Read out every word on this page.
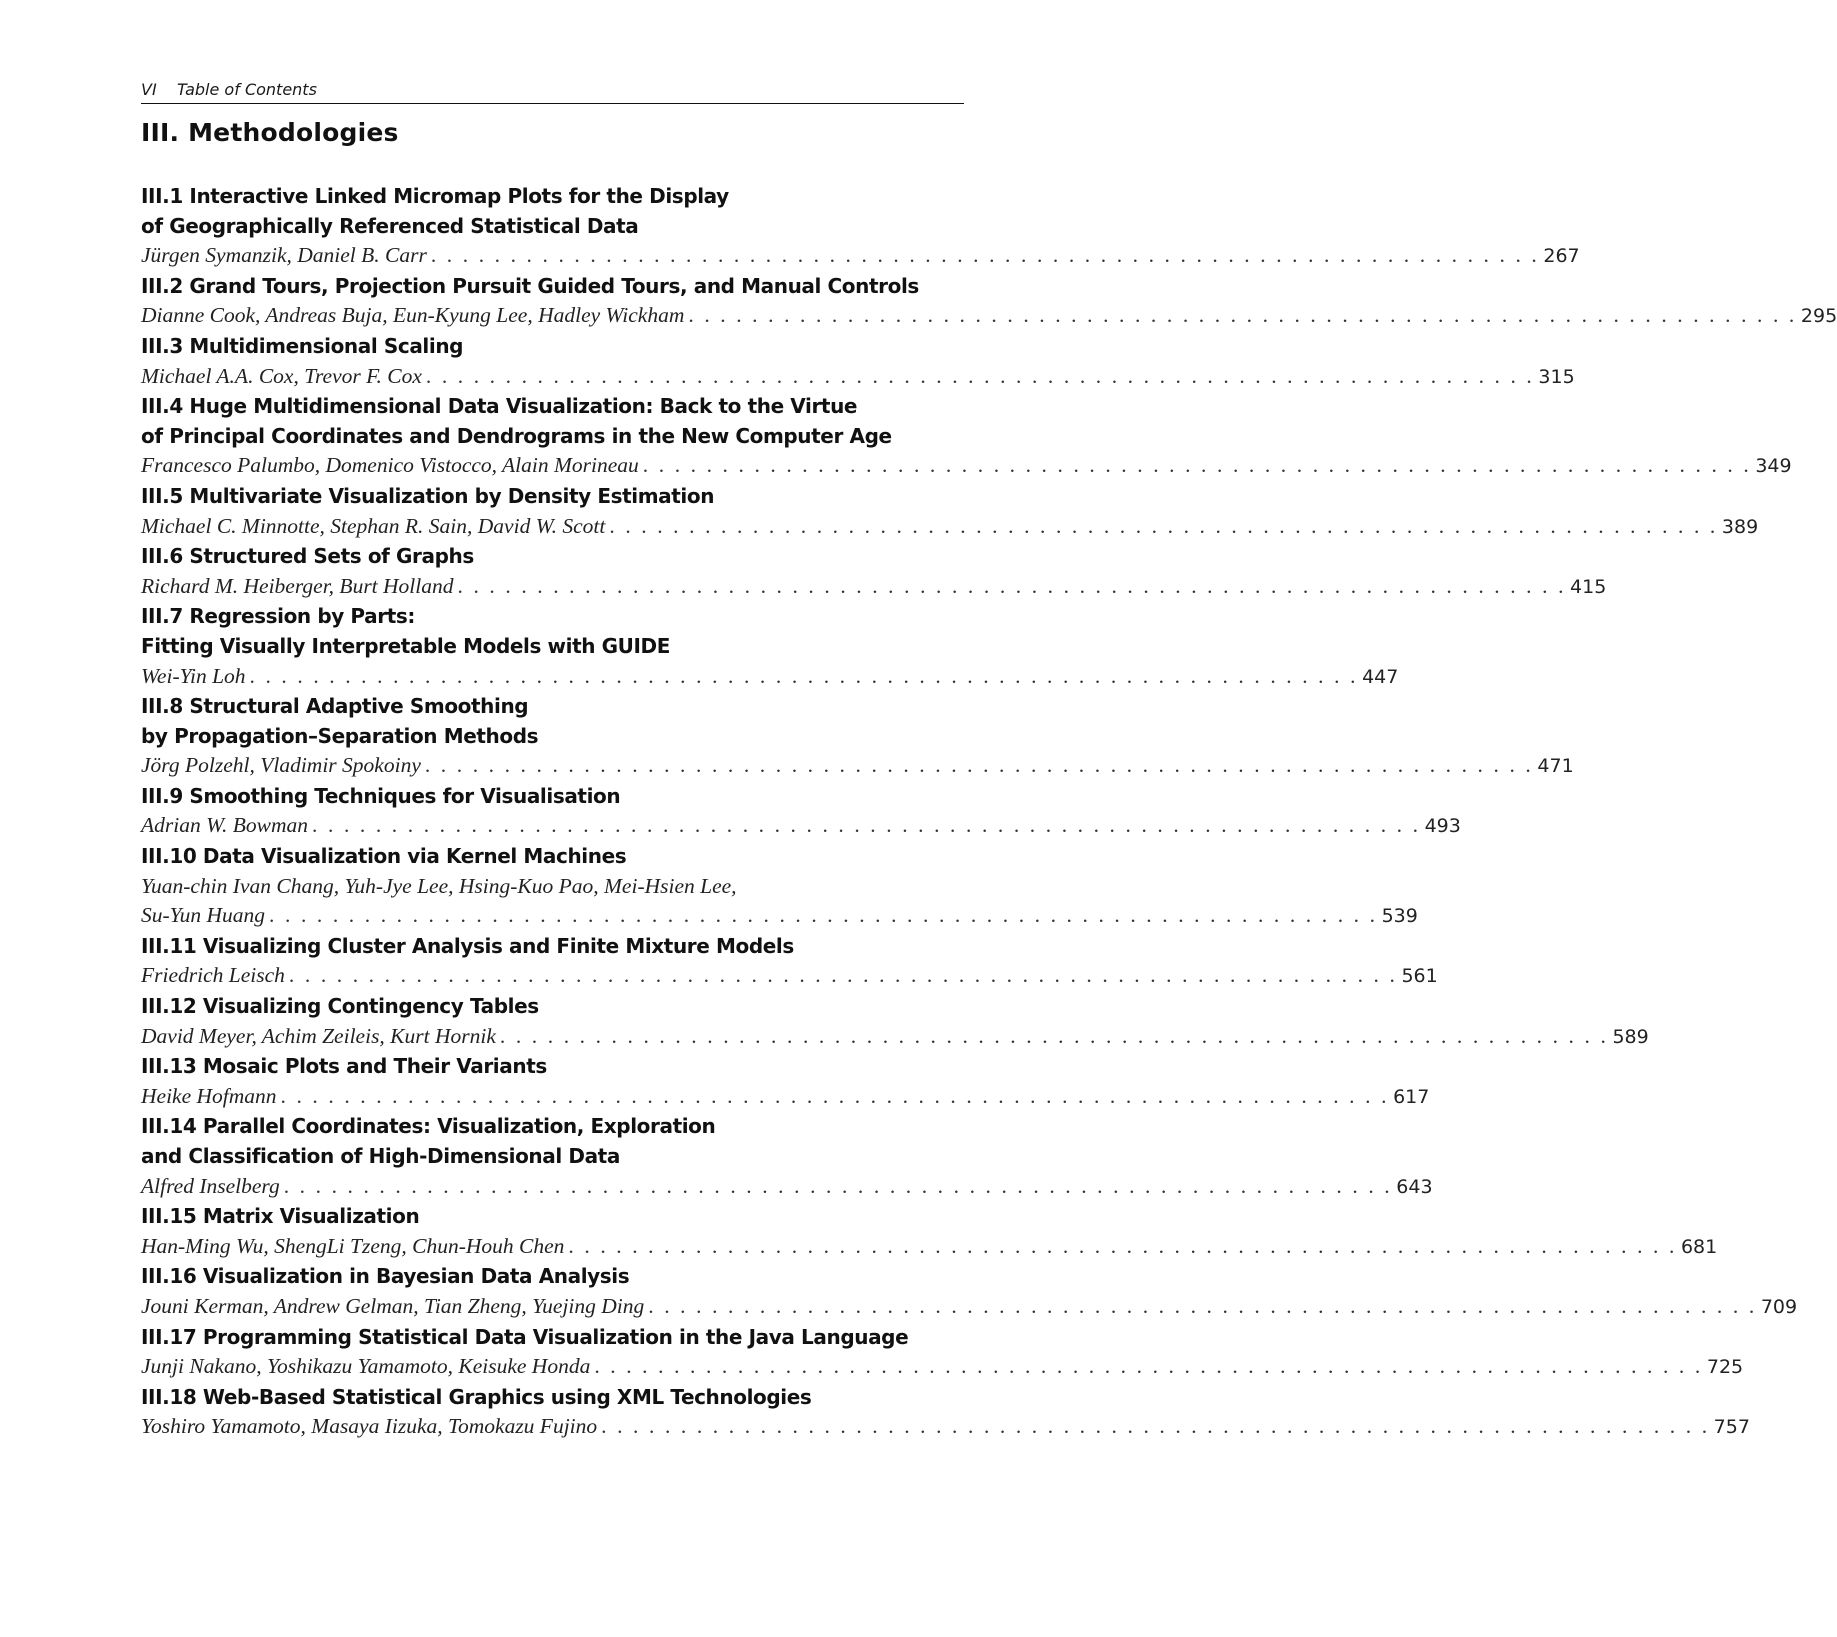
VI Table of Contents
III. Methodologies
III.1 Interactive Linked Micromap Plots for the Display
of Geographically Referenced Statistical Data
Jürgen Symanzik, Daniel B. Carr . . . . . . . . . . . . . . . . . . . . . . . . . . . . . . . . . . . . . . . . . . . . . . . . . . . . . . . . . . . . . . . . . . . . . . 267
III.2 Grand Tours, Projection Pursuit Guided Tours, and Manual Controls
Dianne Cook, Andreas Buja, Eun-Kyung Lee, Hadley Wickham . . . . . . . . . . . . . . . . . . . . . . . . . . . . . . . . . . . . . . . . . . . . . . . . . . . . . . . . . . . . . . . . . . . . . . 295
III.3 Multidimensional Scaling
Michael A.A. Cox, Trevor F. Cox . . . . . . . . . . . . . . . . . . . . . . . . . . . . . . . . . . . . . . . . . . . . . . . . . . . . . . . . . . . . . . . . . . . . . . 315
III.4 Huge Multidimensional Data Visualization: Back to the Virtue
of Principal Coordinates and Dendrograms in the New Computer Age
Francesco Palumbo, Domenico Vistocco, Alain Morineau . . . . . . . . . . . . . . . . . . . . . . . . . . . . . . . . . . . . . . . . . . . . . . . . . . . . . . . . . . . . . . . . . . . . . . 349
III.5 Multivariate Visualization by Density Estimation
Michael C. Minnotte, Stephan R. Sain, David W. Scott . . . . . . . . . . . . . . . . . . . . . . . . . . . . . . . . . . . . . . . . . . . . . . . . . . . . . . . . . . . . . . . . . . . . . . 389
III.6 Structured Sets of Graphs
Richard M. Heiberger, Burt Holland . . . . . . . . . . . . . . . . . . . . . . . . . . . . . . . . . . . . . . . . . . . . . . . . . . . . . . . . . . . . . . . . . . . . . . 415
III.7 Regression by Parts:
Fitting Visually Interpretable Models with GUIDE
Wei-Yin Loh . . . . . . . . . . . . . . . . . . . . . . . . . . . . . . . . . . . . . . . . . . . . . . . . . . . . . . . . . . . . . . . . . . . . . . 447
III.8 Structural Adaptive Smoothing
by Propagation–Separation Methods
Jörg Polzehl, Vladimir Spokoiny . . . . . . . . . . . . . . . . . . . . . . . . . . . . . . . . . . . . . . . . . . . . . . . . . . . . . . . . . . . . . . . . . . . . . . 471
III.9 Smoothing Techniques for Visualisation
Adrian W. Bowman . . . . . . . . . . . . . . . . . . . . . . . . . . . . . . . . . . . . . . . . . . . . . . . . . . . . . . . . . . . . . . . . . . . . . . 493
III.10 Data Visualization via Kernel Machines
Yuan-chin Ivan Chang, Yuh-Jye Lee, Hsing-Kuo Pao, Mei-Hsien Lee,
Su-Yun Huang . . . . . . . . . . . . . . . . . . . . . . . . . . . . . . . . . . . . . . . . . . . . . . . . . . . . . . . . . . . . . . . . . . . . . . 539
III.11 Visualizing Cluster Analysis and Finite Mixture Models
Friedrich Leisch . . . . . . . . . . . . . . . . . . . . . . . . . . . . . . . . . . . . . . . . . . . . . . . . . . . . . . . . . . . . . . . . . . . . . . 561
III.12 Visualizing Contingency Tables
David Meyer, Achim Zeileis, Kurt Hornik . . . . . . . . . . . . . . . . . . . . . . . . . . . . . . . . . . . . . . . . . . . . . . . . . . . . . . . . . . . . . . . . . . . . . . 589
III.13 Mosaic Plots and Their Variants
Heike Hofmann . . . . . . . . . . . . . . . . . . . . . . . . . . . . . . . . . . . . . . . . . . . . . . . . . . . . . . . . . . . . . . . . . . . . . . 617
III.14 Parallel Coordinates: Visualization, Exploration
and Classification of High-Dimensional Data
Alfred Inselberg . . . . . . . . . . . . . . . . . . . . . . . . . . . . . . . . . . . . . . . . . . . . . . . . . . . . . . . . . . . . . . . . . . . . . . 643
III.15 Matrix Visualization
Han-Ming Wu, ShengLi Tzeng, Chun-Houh Chen . . . . . . . . . . . . . . . . . . . . . . . . . . . . . . . . . . . . . . . . . . . . . . . . . . . . . . . . . . . . . . . . . . . . . . 681
III.16 Visualization in Bayesian Data Analysis
Jouni Kerman, Andrew Gelman, Tian Zheng, Yuejing Ding . . . . . . . . . . . . . . . . . . . . . . . . . . . . . . . . . . . . . . . . . . . . . . . . . . . . . . . . . . . . . . . . . . . . . . 709
III.17 Programming Statistical Data Visualization in the Java Language
Junji Nakano, Yoshikazu Yamamoto, Keisuke Honda . . . . . . . . . . . . . . . . . . . . . . . . . . . . . . . . . . . . . . . . . . . . . . . . . . . . . . . . . . . . . . . . . . . . . . 725
III.18 Web-Based Statistical Graphics using XML Technologies
Yoshiro Yamamoto, Masaya Iizuka, Tomokazu Fujino . . . . . . . . . . . . . . . . . . . . . . . . . . . . . . . . . . . . . . . . . . . . . . . . . . . . . . . . . . . . . . . . . . . . . . 757
